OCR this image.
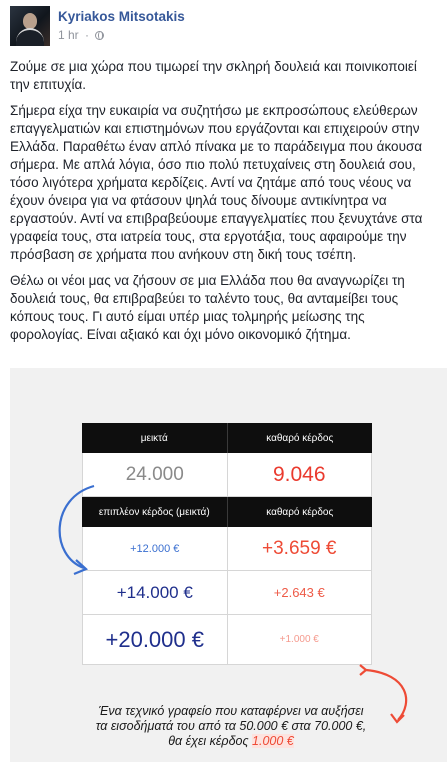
Kyriakos Mitsotakis
1 hr ·

Ζούμε σε μια χώρα που τιμωρεί την σκληρή δουλειά και ποινικοποιεί την επιτυχία.

Σήμερα είχα την ευκαιρία να συζητήσω με εκπροσώπους ελεύθερων επαγγελματιών και επιστημόνων που εργάζονται και επιχειρούν στην Ελλάδα. Παραθέτω έναν απλό πίνακα με το παράδειγμα που άκουσα σήμερα. Με απλά λόγια, όσο πιο πολύ πετυχαίνεις στη δουλειά σου, τόσο λιγότερα χρήματα κερδίζεις. Αντί να ζητάμε από τους νέους να έχουν όνειρα για να φτάσουν ψηλά τους δίνουμε αντικίνητρα να εργαστούν. Αντί να επιβραβεύουμε επαγγελματίες που ξενυχτάνε στα γραφεία τους, στα ιατρεία τους, στα εργοτάξια, τους αφαιρούμε την πρόσβαση σε χρήματα που ανήκουν στη δική τους τσέπη.

Θέλω οι νέοι μας να ζήσουν σε μια Ελλάδα που θα αναγνωρίζει τη δουλειά τους, θα επιβραβεύει το ταλέντο τους, θα ανταμείβει τους κόπους τους. Γι αυτό είμαι υπέρ μιας τολμηρής μείωσης της φορολογίας. Είναι αξιακό και όχι μόνο οικονομικό ζήτημα.

μεικτά	καθαρό κέρδος
24.000	9.046
επιπλέον κέρδος (μεικτά)	καθαρό κέρδος
+12.000 €	+3.659 €
+14.000 €	+2.643 €
+20.000 €	+1.000 €
Ένα τεχνικό γραφείο που καταφέρνει να αυξήσει
τα εισοδήματά του από τα 50.000 € στα 70.000 €,
θα έχει κέρδος 1.000 €
